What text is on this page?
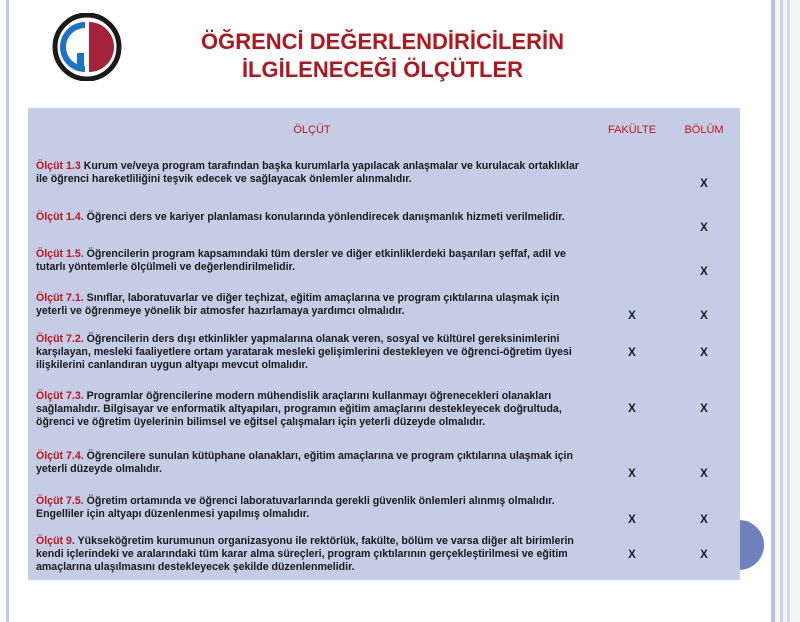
ÖĞRENCİ DEĞERLENDİRİCİLERİN
İLGİLENECEĞİ ÖLÇÜTLER
ÖLÇÜT	FAKÜLTE	BÖLÜM
Ölçüt 1.3 Kurum ve/veya program tarafından başka kurumlarla yapılacak anlaşmalar ve kurulacak ortaklıklar ile öğrenci hareketliliğini teşvik edecek ve sağlayacak önlemler alınmalıdır.		X
Ölçüt 1.4. Öğrenci ders ve kariyer planlaması konularında yönlendirecek danışmanlık hizmeti verilmelidir.		X
Ölçüt 1.5. Öğrencilerin program kapsamındaki tüm dersler ve diğer etkinliklerdeki başarıları şeffaf, adil ve tutarlı yöntemlerle ölçülmeli ve değerlendirilmelidir.		X
Ölçüt 7.1. Sınıflar, laboratuvarlar ve diğer teçhizat, eğitim amaçlarına ve program çıktılarına ulaşmak için yeterli ve öğrenmeye yönelik bir atmosfer hazırlamaya yardımcı olmalıdır.	X	X
Ölçüt 7.2. Öğrencilerin ders dışı etkinlikler yapmalarına olanak veren, sosyal ve kültürel gereksinimlerini karşılayan, mesleki faaliyetlere ortam yaratarak mesleki gelişimlerini destekleyen ve öğrenci-öğretim üyesi ilişkilerini canlandıran uygun altyapı mevcut olmalıdır.	X	X
Ölçüt 7.3. Programlar öğrencilerine modern mühendislik araçlarını kullanmayı öğrenecekleri olanakları sağlamalıdır. Bilgisayar ve enformatik altyapıları, programın eğitim amaçlarını destekleyecek doğrultuda, öğrenci ve öğretim üyelerinin bilimsel ve eğitsel çalışmaları için yeterli düzeyde olmalıdır.	X	X
Ölçüt 7.4. Öğrencilere sunulan kütüphane olanakları, eğitim amaçlarına ve program çıktılarına ulaşmak için yeterli düzeyde olmalıdır.	X	X
Ölçüt 7.5. Öğretim ortamında ve öğrenci laboratuvarlarında gerekli güvenlik önlemleri alınmış olmalıdır. Engelliler için altyapı düzenlenmesi yapılmış olmalıdır.	X	X
Ölçüt 9. Yükseköğretim kurumunun organizasyonu ile rektörlük, fakülte, bölüm ve varsa diğer alt birimlerin kendi içlerindeki ve aralarındaki tüm karar alma süreçleri, program çıktılarının gerçekleştirilmesi ve eğitim amaçlarına ulaşılmasını destekleyecek şekilde düzenlenmelidir.	X	X
